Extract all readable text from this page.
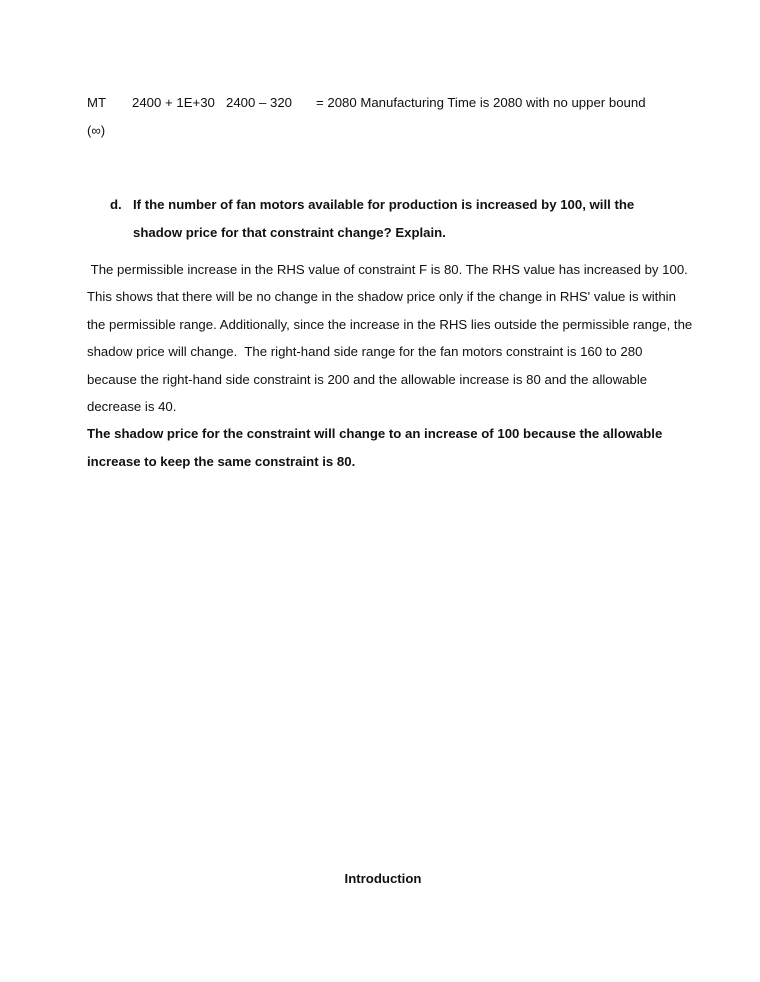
MT 2400 + 1E+30 2400 – 320 = 2080 Manufacturing Time is 2080 with no upper bound
(∞)
d. If the number of fan motors available for production is increased by 100, will the shadow price for that constraint change? Explain.

The permissible increase in the RHS value of constraint F is 80. The RHS value has increased by 100. This shows that there will be no change in the shadow price only if the change in RHS' value is within the permissible range. Additionally, since the increase in the RHS lies outside the permissible range, the shadow price will change.  The right-hand side range for the fan motors constraint is 160 to 280 because the right-hand side constraint is 200 and the allowable increase is 80 and the allowable decrease is 40.

The shadow price for the constraint will change to an increase of 100 because the allowable increase to keep the same constraint is 80.

Introduction
